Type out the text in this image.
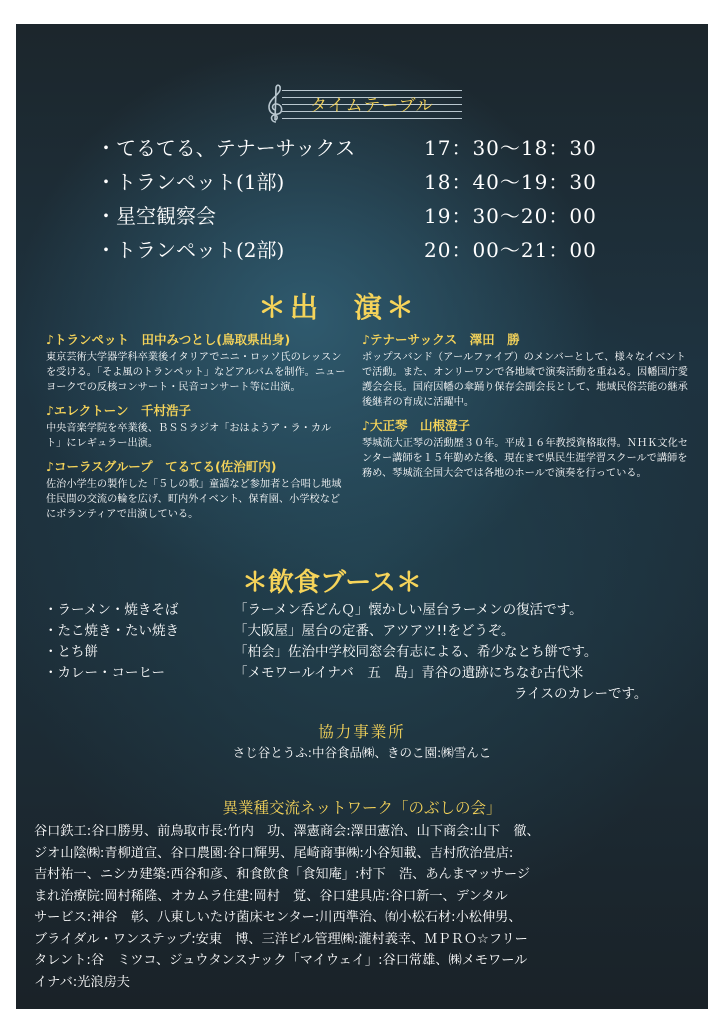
タイムテーブル
・てるてる、テナーサックス	17：30〜18：30
・トランペット(1部)	18：40〜19：30
・星空観察会	19：30〜20：00
・トランペット(2部)	20：00〜21：00
＊出　演＊
♪トランペット　田中みつとし(鳥取県出身)
東京芸術大学器学科卒業後イタリアでニニ・ロッソ氏のレッスンを受ける。「そよ風のトランペット」などアルバムを制作。ニューヨークでの反核コンサート・民音コンサート等に出演。
♪エレクトーン　千村浩子
中央音楽学院を卒業後、ＢＳＳラジオ「おはようア・ラ・カルト」にレギュラー出演。
♪コーラスグループ　てるてる(佐治町内)
佐治小学生の製作した「５しの歌」童謡など参加者と合唱し地域住民間の交流の輪を広げ、町内外イベント、保育園、小学校などにボランティアで出演している。
♪テナーサックス　澤田　勝
ポップスバンド（アールファイブ）のメンバーとして、様々なイベントで活動。また、オンリーワンで各地域で演奏活動を重ねる。因幡国庁愛護会会長。国府因幡の傘踊り保存会副会長として、地域民俗芸能の継承後継者の育成に活躍中。
♪大正琴　山根澄子
琴城流大正琴の活動歴３０年。平成１６年教授資格取得。ＮＨＫ文化センター講師を１５年勤めた後、現在まで県民生涯学習スクールで講師を務め、琴城流全国大会では各地のホールで演奏を行っている。
＊飲食ブース＊
・ラーメン・焼きそば	「ラーメン呑どんＱ」懐かしい屋台ラーメンの復活です。
・たこ焼き・たい焼き	「大阪屋」屋台の定番、アツアツ!!をどうぞ。
・とち餅	「柏会」佐治中学校同窓会有志による、希少なとち餅です。
・カレー・コーヒー	「メモワールイナバ　五　島」青谷の遺跡にちなむ古代米
ライスのカレーです。
協力事業所
さじ谷とうふ:中谷食品㈱、きのこ園:㈱雪んこ
異業種交流ネットワーク「のぶしの会」
谷口鉄工:谷口勝男、前鳥取市長:竹内　功、澤憲商会:澤田憲治、山下商会:山下　徹、
ジオ山陰㈱:青柳道宣、谷口農園:谷口輝男、尾崎商事㈱:小谷知載、吉村欣治畳店:
吉村祐一、ニシカ建築:西谷和彦、和食飲食「食知庵」:村下　浩、あんまマッサージ
まれ治療院:岡村稀隆、オカムラ住建:岡村　覚、谷口建具店:谷口新一、デンタル
サービス:神谷　彰、八東しいたけ菌床センター:川西準治、㈲小松石材:小松伸男、
ブライダル・ワンステップ:安東　博、三洋ビル管理㈱:瀧村義幸、ＭＰＲＯ☆フリー
タレント:谷　ミツコ、ジュウタンスナック「マイウェイ」:谷口常雄、㈱メモワール
イナバ:光浪房夫
